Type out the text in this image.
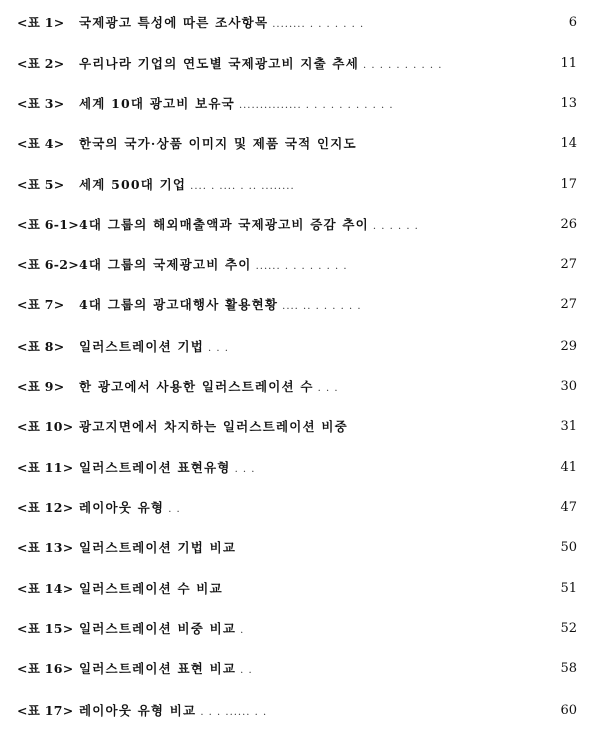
<표 1>	국제광고 특성에 따른 조사항목 ........ . . . . . . .	6
<표 2>	우리나라 기업의 연도별 국제광고비 지출 추세 . . . . . . . . . .	11
<표 3>	세계 10대 광고비 보유국 ............... . . . . . . . . . . .	13
<표 4>	한국의 국가·상품 이미지 및 제품 국적 인지도	14
<표 5>	세계 500대 기업 .... . .... . .. ........	17
<표 6-1> 4대 그룹의 해외매출액과 국제광고비 증감 추이 . . . . . .	26
<표 6-2> 4대 그룹의 국제광고비 추이 ...... . . . . . . . .	27
<표 7>	4대 그룹의 광고대행사 활용현황 .... .. . . . . . .	27
<표 8>	일러스트레이션 기법 . . .	29
<표 9>	한 광고에서 사용한 일러스트레이션 수 . . .	30
<표 10> 광고지면에서 차지하는 일러스트레이션 비중	31
<표 11> 일러스트레이션 표현유형 . . .	41
<표 12> 레이아웃 유형 . .	47
<표 13> 일러스트레이션 기법 비교	50
<표 14> 일러스트레이션 수 비교	51
<표 15> 일러스트레이션 비중 비교 .	52
<표 16> 일러스트레이션 표현 비교 . .	58
<표 17> 레이아웃 유형 비교 . . . ...... . .	60
